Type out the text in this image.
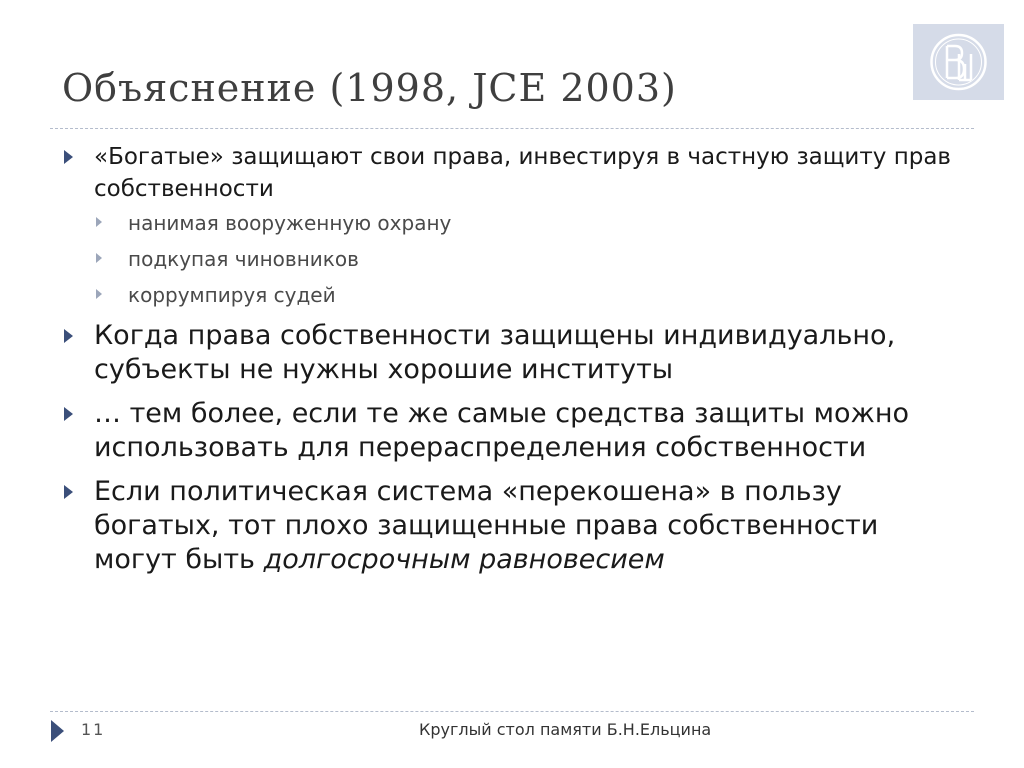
Объяснение (1998, JCE 2003)
«Богатые» защищают свои права, инвестируя в частную защиту прав собственности
нанимая вооруженную охрану
подкупая чиновников
коррумпируя судей
Когда права собственности защищены индивидуально, субъекты не нужны хорошие институты
… тем более, если те же самые средства защиты можно использовать для перераспределения собственности
Если политическая система «перекошена» в пользу богатых, тот плохо защищенные права собственности могут быть долгосрочным равновесием
11	Круглый стол памяти Б.Н.Ельцина
